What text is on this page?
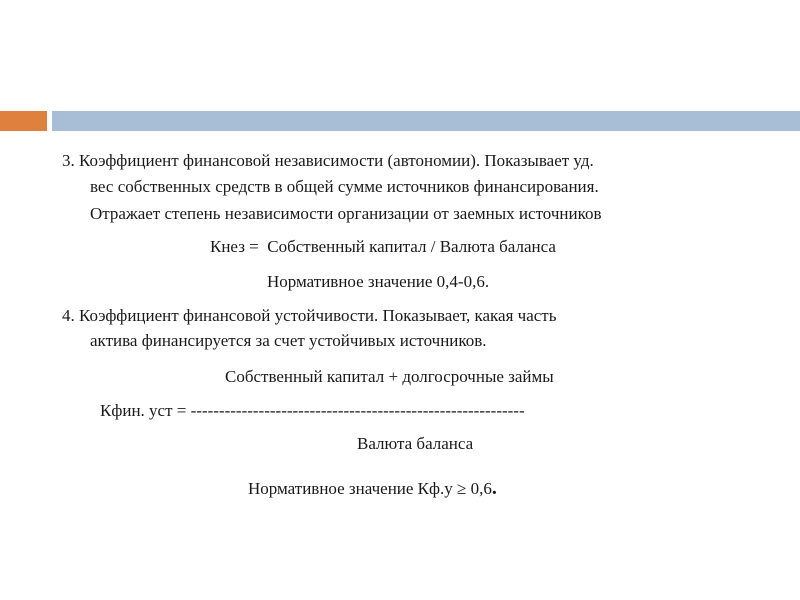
3. Коэффициент финансовой независимости (автономии). Показывает уд.
вес собственных средств в общей сумме источников финансирования.
Отражает степень независимости организации от заемных источников
Кнез =  Собственный капитал / Валюта баланса
Нормативное значение 0,4-0,6.
4. Коэффициент финансовой устойчивости. Показывает, какая часть
актива финансируется за счет устойчивых источников.
Собственный капитал + долгосрочные займы
Кфин. уст = -----------------------------------------------------------
Валюта баланса
Нормативное значение Кф.у ≥ 0,6.
